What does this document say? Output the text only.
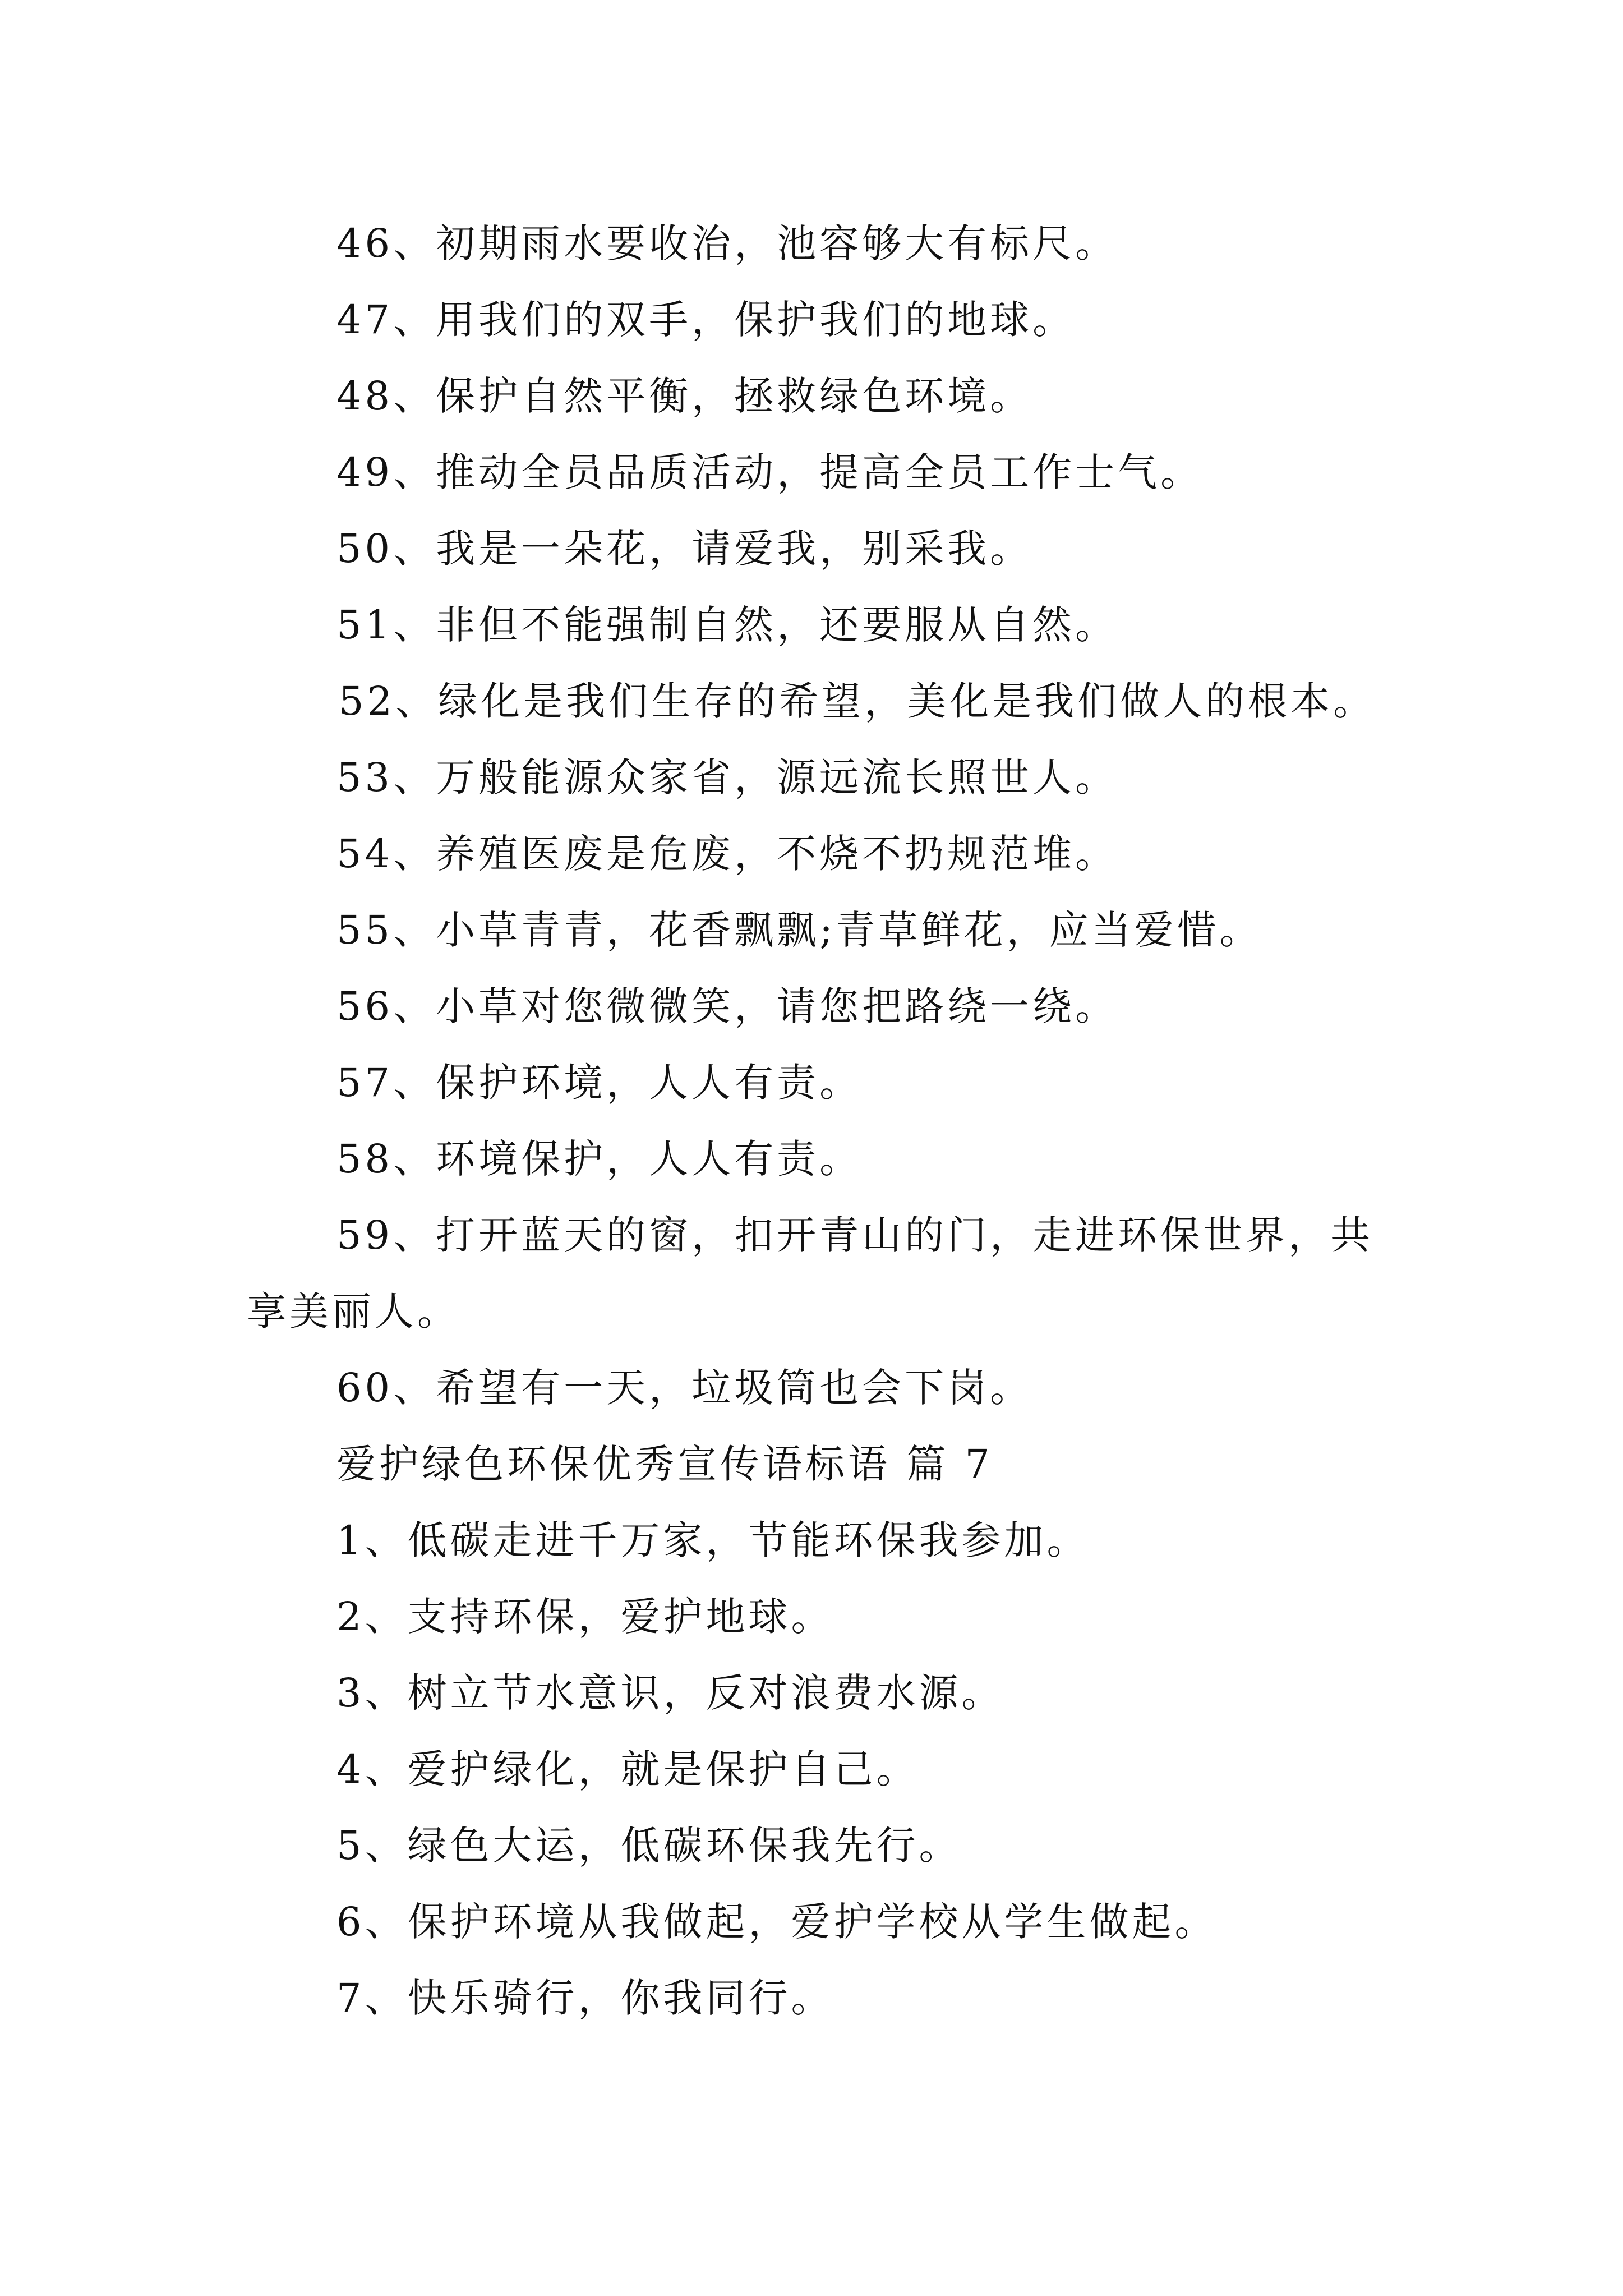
46、初期雨水要收治，池容够大有标尺。
47、用我们的双手，保护我们的地球。
48、保护自然平衡，拯救绿色环境。
49、推动全员品质活动，提高全员工作士气。
50、我是一朵花，请爱我，别采我。
51、非但不能强制自然，还要服从自然。
52、绿化是我们生存的希望，美化是我们做人的根本。
53、万般能源众家省，源远流长照世人。
54、养殖医废是危废，不烧不扔规范堆。
55、小草青青，花香飘飘;青草鲜花，应当爱惜。
56、小草对您微微笑，请您把路绕一绕。
57、保护环境，人人有责。
58、环境保护，人人有责。
59、打开蓝天的窗，扣开青山的门，走进环保世界，共
享美丽人。
60、希望有一天，垃圾筒也会下岗。
爱护绿色环保优秀宣传语标语 篇 7
1、低碳走进千万家，节能环保我参加。
2、支持环保，爱护地球。
3、树立节水意识，反对浪费水源。
4、爱护绿化，就是保护自己。
5、绿色大运，低碳环保我先行。
6、保护环境从我做起，爱护学校从学生做起。
7、快乐骑行，你我同行。
